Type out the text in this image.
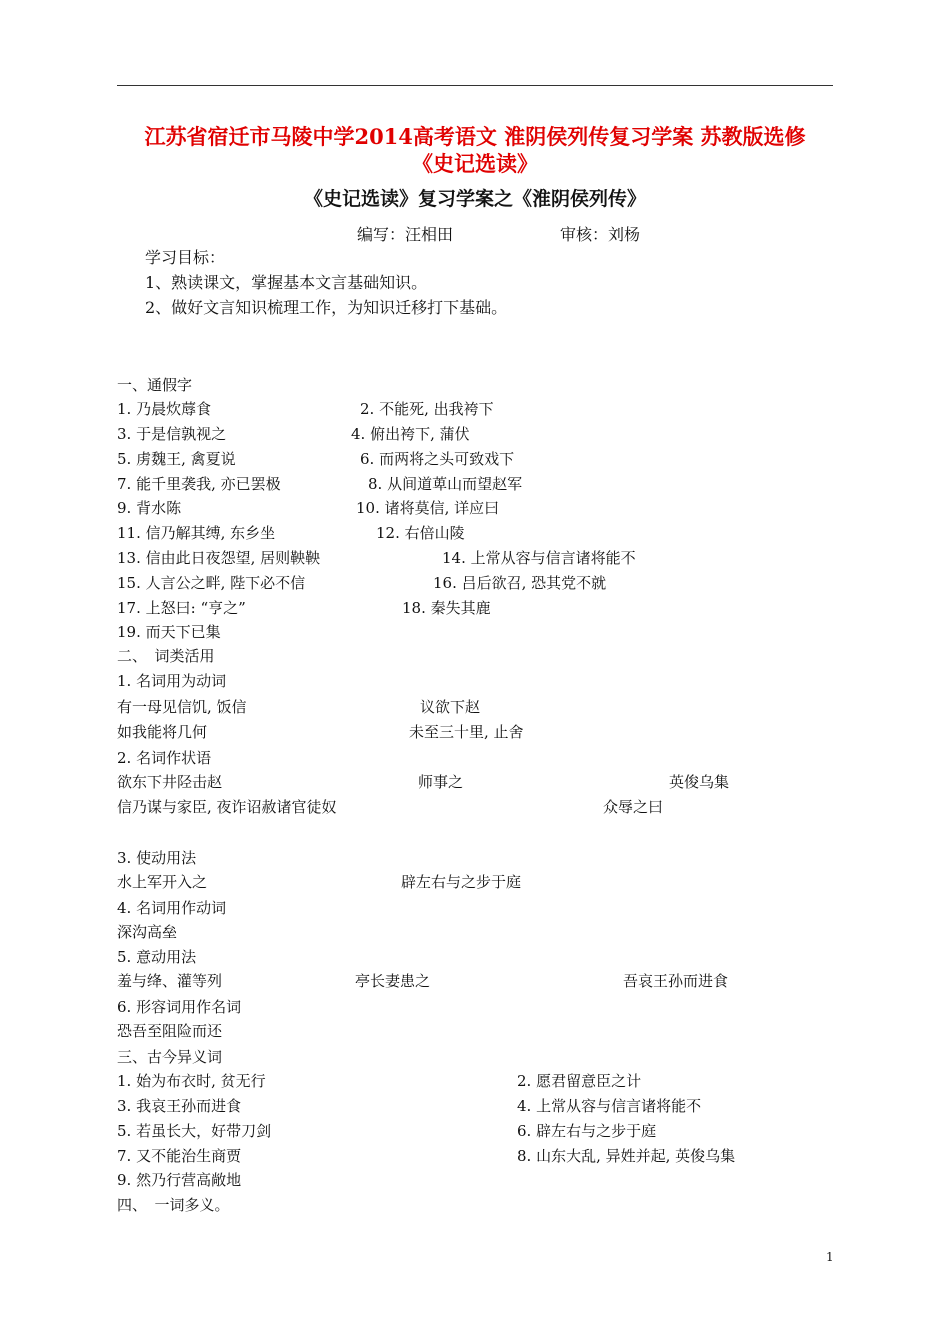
江苏省宿迁市马陵中学2014高考语文 淮阴侯列传复习学案 苏教版选修
《史记选读》
《史记选读》复习学案之《淮阴侯列传》
编写：汪相田	审核：刘杨
学习目标：
1、熟读课文，掌握基本文言基础知识。
2、做好文言知识梳理工作，为知识迁移打下基础。
一、通假字
1. 乃晨炊蓐食	2. 不能死, 出我袴下
3. 于是信孰视之	4. 俯出袴下, 蒲伏
5. 虏魏王, 禽夏说	6. 而两将之头可致戏下
7. 能千里袭我, 亦已罢极	8. 从间道萆山而望赵军
9. 背水陈	10. 诸将莫信, 详应曰
11. 信乃解其缚, 东乡坐	12. 右倍山陵
13. 信由此日夜怨望, 居则鞅鞅	14. 上常从容与信言诸将能不
15. 人言公之畔, 陛下必不信	16. 吕后欲召, 恐其党不就
17. 上怒曰: “亨之”	18. 秦失其鹿
19. 而天下已集
二、　词类活用
1. 名词用为动词
有一母见信饥, 饭信	议欲下赵
如我能将几何	未至三十里, 止舍
2. 名词作状语
欲东下井陉击赵	师事之	英俊乌集
信乃谋与家臣, 夜诈诏赦诸官徒奴	众辱之曰
3. 使动用法
水上军开入之	辟左右与之步于庭
4. 名词用作动词
深沟高垒
5. 意动用法
羞与绛、灌等列	亭长妻患之	吾哀王孙而进食
6. 形容词用作名词
恐吾至阻险而还
三、古今异义词
1. 始为布衣时, 贫无行	2. 愿君留意臣之计
3. 我哀王孙而进食	4. 上常从容与信言诸将能不
5. 若虽长大，好带刀剑	6. 辟左右与之步于庭
7. 又不能治生商贾	8. 山东大乱, 异姓并起, 英俊乌集
9. 然乃行营高敞地
四、　一词多义。
1
